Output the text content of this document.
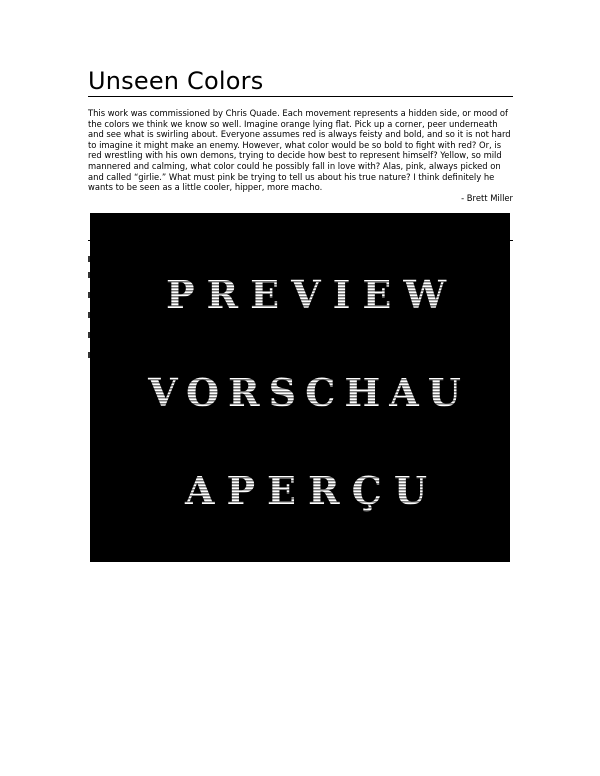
Unseen Colors

This work was commissioned by Chris Quade. Each movement represents a hidden side, or mood of the colors we think we know so well. Imagine orange lying flat. Pick up a corner, peer underneath and see what is swirling about. Everyone assumes red is always feisty and bold, and so it is not hard to imagine it might make an enemy. However, what color would be so bold to fight with red? Or, is red wrestling with his own demons, trying to decide how best to represent himself? Yellow, so mild mannered and calming, what color could he possibly fall in love with? Alas, pink, always picked on and called “girlie.” What must pink be trying to tell us about his true nature? I think definitely he wants to be seen as a little cooler, hipper, more macho.

- Brett Miller
PREVIEW
VORSCHAU
APERÇU
